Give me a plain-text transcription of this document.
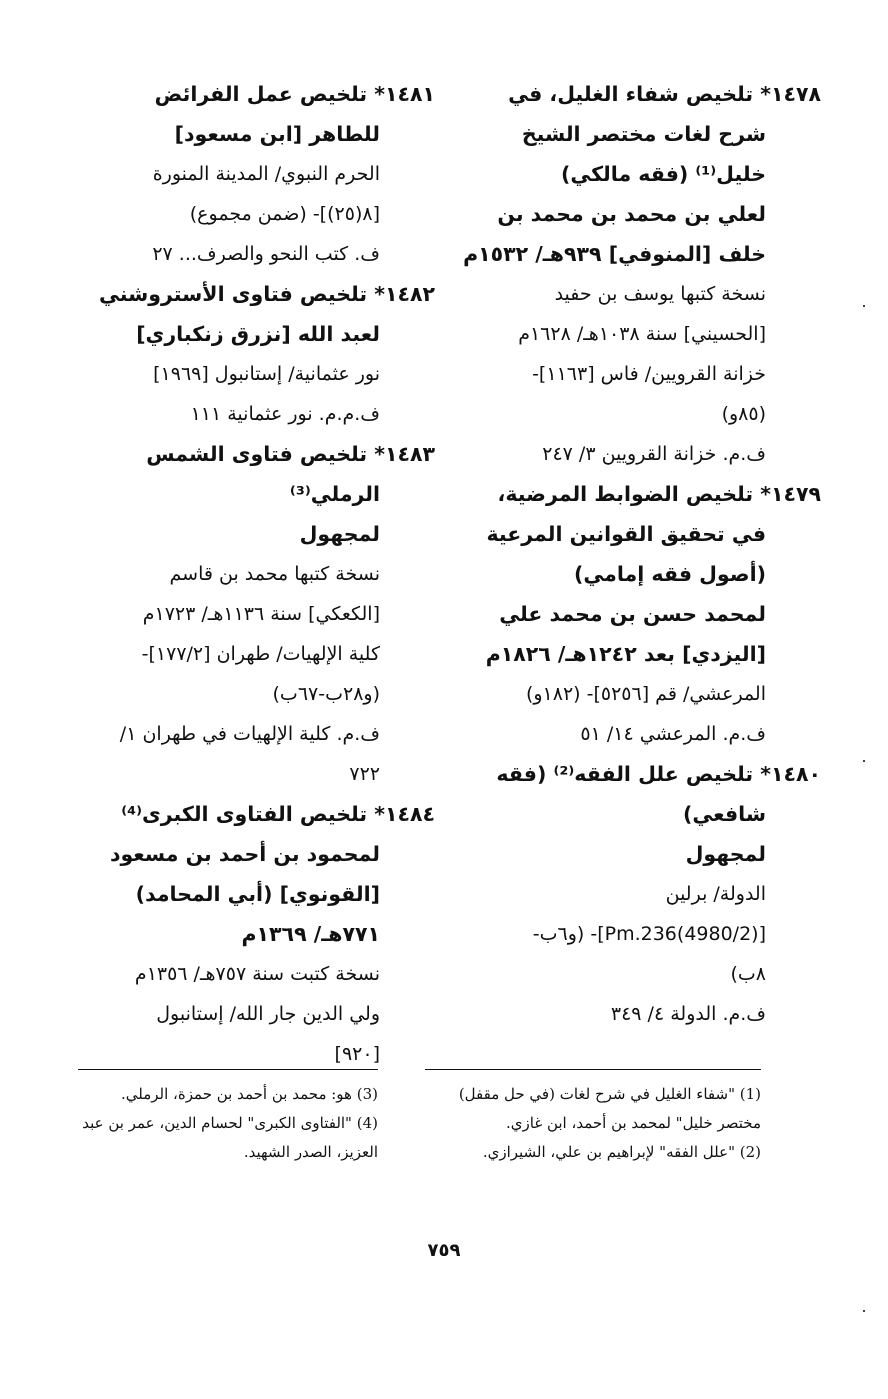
١٤٧٨* تلخيص شفاء الغليل، في
شرح لغات مختصر الشيخ
خليل⁽¹⁾ (فقه مالكي)
لعلي بن محمد بن محمد بن
خلف [المنوفي] ٩٣٩هـ/ ١٥٣٢م
نسخة كتبها يوسف بن حفيد
[الحسيني] سنة ١٠٣٨هـ/ ١٦٢٨م
خزانة القرويين/ فاس [١١٦٣]-
(٨٥و)
ف.م. خزانة القرويين ٣/ ٢٤٧
١٤٧٩* تلخيص الضوابط المرضية،
في تحقيق القوانين المرعية
(أصول فقه إمامي)
لمحمد حسن بن محمد علي
[اليزدي] بعد ١٢٤٢هـ/ ١٨٢٦م
المرعشي/ قم [٥٢٥٦]- (١٨٢و)
ف.م. المرعشي ١٤/ ٥١
١٤٨٠* تلخيص علل الفقه⁽²⁾ (فقه
شافعي)
لمجهول
الدولة/ برلين
[(4980/2)Pm.236]- (و٦ب-
٨ب)
ف.م. الدولة ٤/ ٣٤٩
١٤٨١* تلخيص عمل الفرائض
للطاهر [ابن مسعود]
الحرم النبوي/ المدينة المنورة
[٨(٢٥)]- (ضمن مجموع)
ف. كتب النحو والصرف... ٢٧
١٤٨٢* تلخيص فتاوى الأستروشني
لعبد الله [نزرق زنكباري]
نور عثمانية/ إستانبول [١٩٦٩]
ف.م.م. نور عثمانية ١١١
١٤٨٣* تلخيص فتاوى الشمس
الرملي⁽³⁾
لمجهول
نسخة كتبها محمد بن قاسم
[الكعكي] سنة ١١٣٦هـ/ ١٧٢٣م
كلية الإلهيات/ طهران [١٧٧/٢]-
(و٢٨ب-٦٧ب)
ف.م. كلية الإلهيات في طهران ١/
٧٢٢
١٤٨٤* تلخيص الفتاوى الكبرى⁽⁴⁾
لمحمود بن أحمد بن مسعود
[القونوي] (أبي المحامد)
٧٧١هـ/ ١٣٦٩م
نسخة كتبت سنة ٧٥٧هـ/ ١٣٥٦م
ولي الدين جار الله/ إستانبول
[٩٢٠]
(1) "شفاء الغليل في شرح لغات (في حل مقفل)
مختصر خليل" لمحمد بن أحمد، ابن غازي.
(2) "علل الفقه" لإبراهيم بن علي، الشيرازي.
(3) هو: محمد بن أحمد بن حمزة، الرملي.
(4) "الفتاوى الكبرى" لحسام الدين، عمر بن عبد
العزيز، الصدر الشهيد.
٧٥٩
